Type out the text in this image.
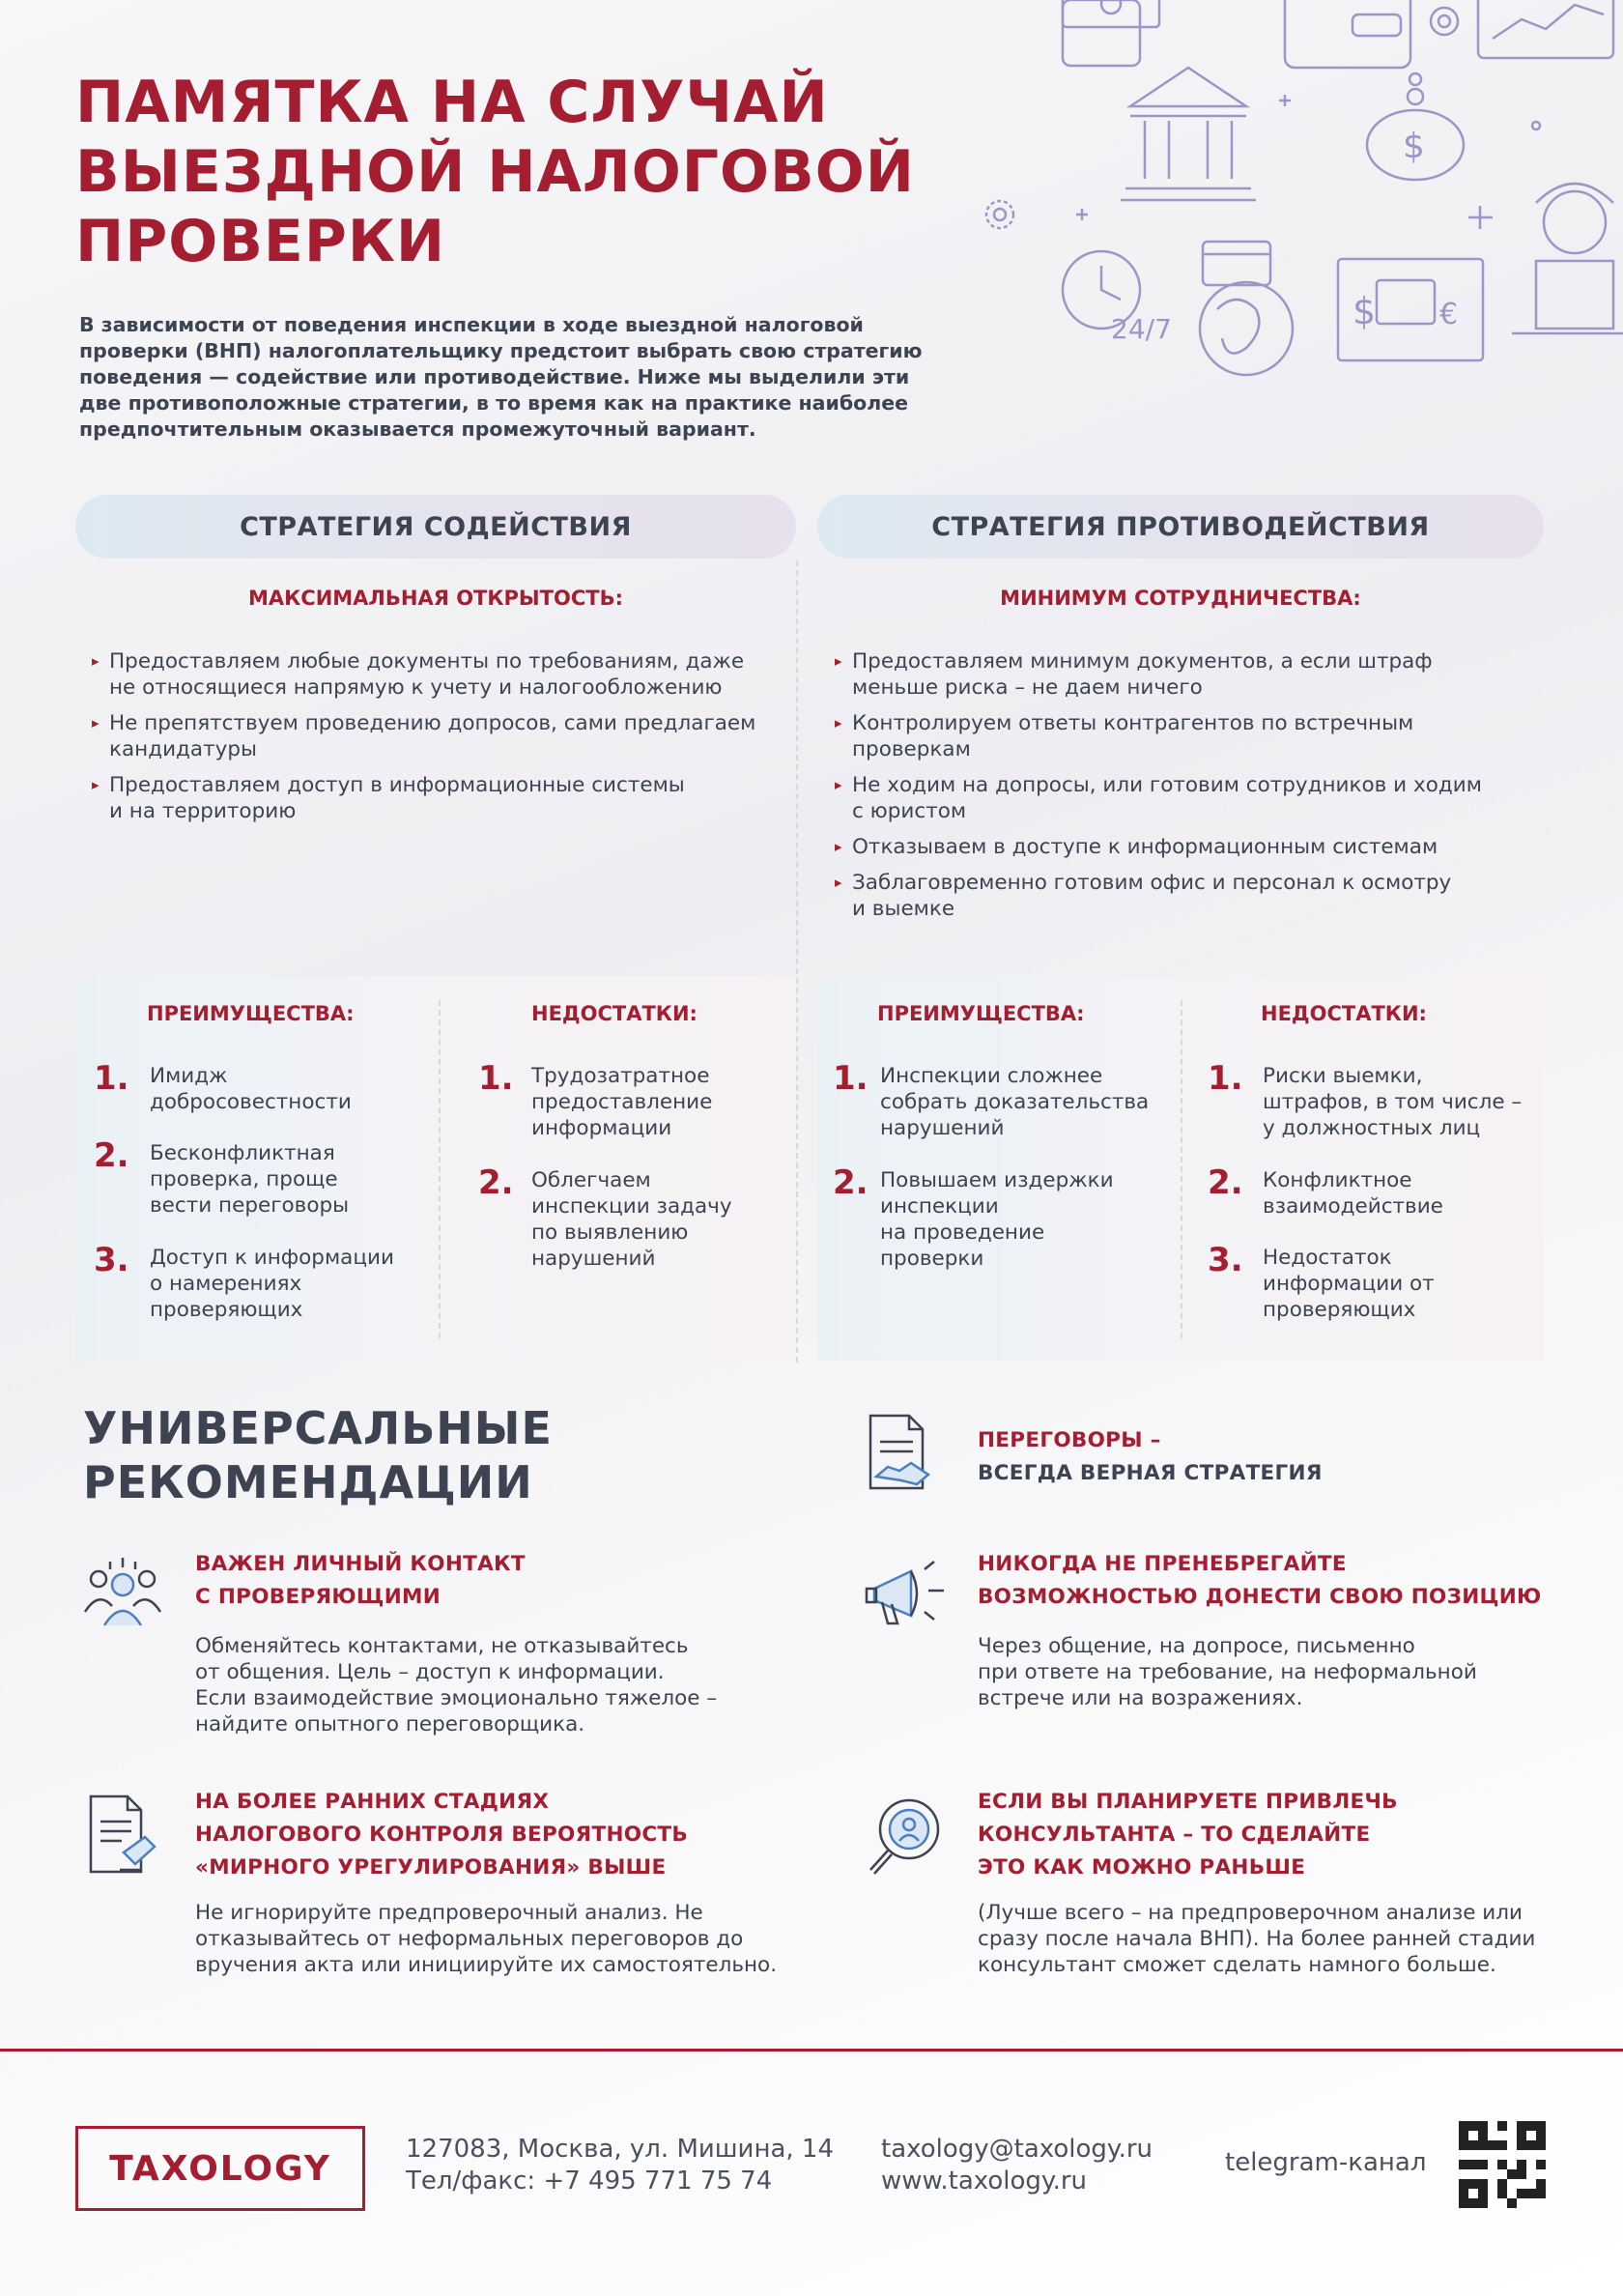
$
24/7	$ €
ПАМЯТКА НА СЛУЧАЙ
ВЫЕЗДНОЙ НАЛОГОВОЙ
ПРОВЕРКИ
В зависимости от поведения инспекции в ходе выездной налоговой
проверки (ВНП) налогоплательщику предстоит выбрать свою стратегию
поведения — содействие или противодействие. Ниже мы выделили эти
две противоположные стратегии, в то время как на практике наиболее
предпочтительным оказывается промежуточный вариант.
СТРАТЕГИЯ СОДЕЙСТВИЯ	СТРАТЕГИЯ ПРОТИВОДЕЙСТВИЯ
МАКСИМАЛЬНАЯ ОТКРЫТОСТЬ:	МИНИМУМ СОТРУДНИЧЕСТВА:
▸ Предоставляем любые документы по требованиям, даже
не относящиеся напрямую к учету и налогообложению
▸ Не препятствуем проведению допросов, сами предлагаем
кандидатуры
▸ Предоставляем доступ в информационные системы
и на территорию
▸ Предоставляем минимум документов, а если штраф
меньше риска – не даем ничего
▸ Контролируем ответы контрагентов по встречным
проверкам
▸ Не ходим на допросы, или готовим сотрудников и ходим
с юристом
▸ Отказываем в доступе к информационным системам
▸ Заблаговременно готовим офис и персонал к осмотру
и выемке
ПРЕИМУЩЕСТВА:
1. Имидж
добросовестности
2. Бесконфликтная
проверка, проще
вести переговоры
3. Доступ к информации
о намерениях
проверяющих
НЕДОСТАТКИ:
1. Трудозатратное
предоставление
информации
2. Облегчаем
инспекции задачу
по выявлению
нарушений
ПРЕИМУЩЕСТВА:
1. Инспекции сложнее
собрать доказательства
нарушений
2. Повышаем издержки
инспекции
на проведение
проверки
НЕДОСТАТКИ:
1. Риски выемки,
штрафов, в том числе –
у должностных лиц
2. Конфликтное
взаимодействие
3. Недостаток
информации от
проверяющих
УНИВЕРСАЛЬНЫЕ
РЕКОМЕНДАЦИИ
ПЕРЕГОВОРЫ –
ВСЕГДА ВЕРНАЯ СТРАТЕГИЯ
ВАЖЕН ЛИЧНЫЙ КОНТАКТ
С ПРОВЕРЯЮЩИМИ
Обменяйтесь контактами, не отказывайтесь
от общения. Цель – доступ к информации.
Если взаимодействие эмоционально тяжелое –
найдите опытного переговорщика.
НИКОГДА НЕ ПРЕНЕБРЕГАЙТЕ
ВОЗМОЖНОСТЬЮ ДОНЕСТИ СВОЮ ПОЗИЦИЮ
Через общение, на допросе, письменно
при ответе на требование, на неформальной
встрече или на возражениях.
НА БОЛЕЕ РАННИХ СТАДИЯХ
НАЛОГОВОГО КОНТРОЛЯ ВЕРОЯТНОСТЬ
«МИРНОГО УРЕГУЛИРОВАНИЯ» ВЫШЕ
Не игнорируйте предпроверочный анализ. Не
отказывайтесь от неформальных переговоров до
вручения акта или инициируйте их самостоятельно.
ЕСЛИ ВЫ ПЛАНИРУЕТЕ ПРИВЛЕЧЬ
КОНСУЛЬТАНТА – ТО СДЕЛАЙТЕ
ЭТО КАК МОЖНО РАНЬШЕ
(Лучше всего – на предпроверочном анализе или
сразу после начала ВНП). На более ранней стадии
консультант сможет сделать намного больше.
TAXOLOGY	127083, Москва, ул. Мишина, 14
Тел/факс: +7 495 771 75 74
taxology@taxology.ru
www.taxology.ru
telegram-канал
